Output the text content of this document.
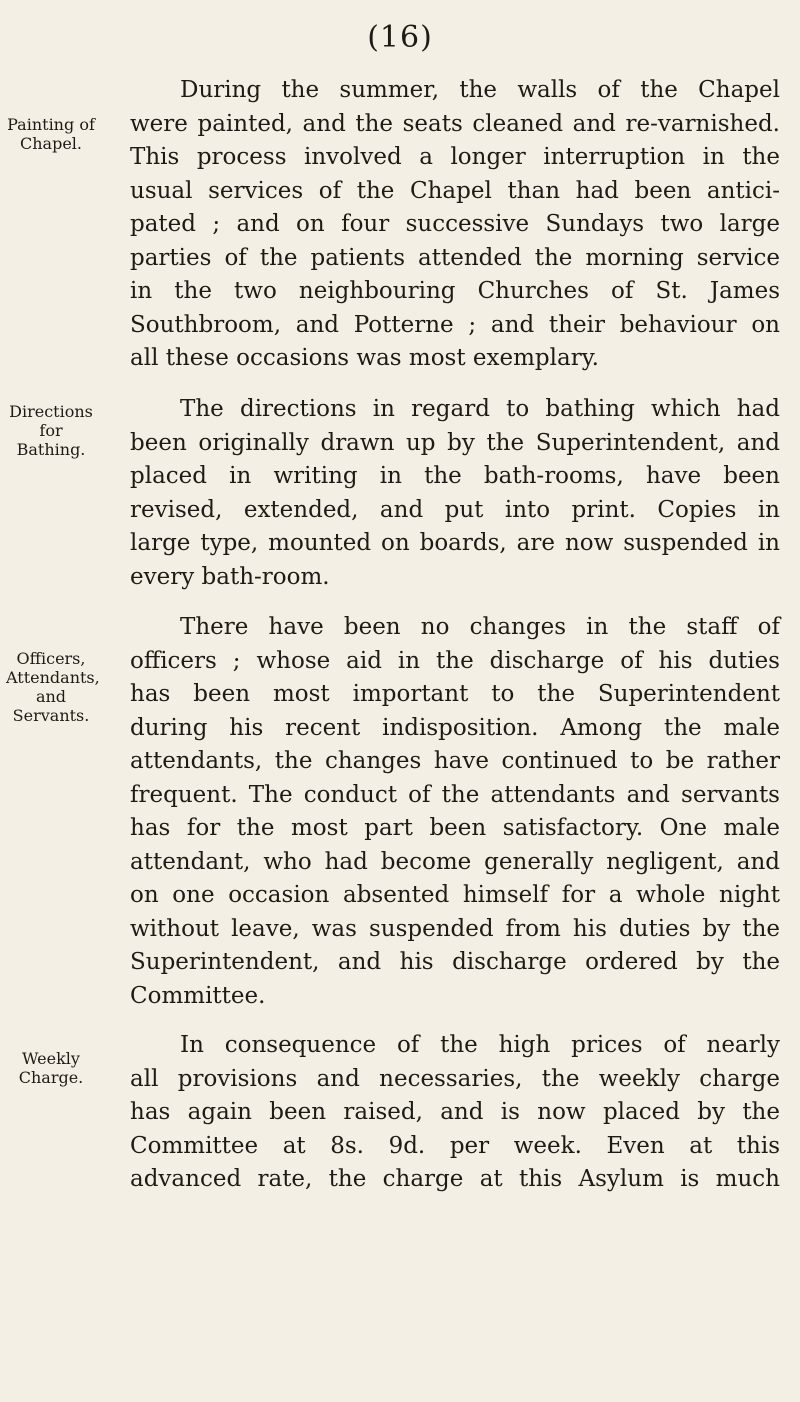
(16)
Painting of
Chapel.
During the summer, the walls of the Chapel
were painted, and the seats cleaned and re-varnished.
This process involved a longer interruption in the
usual services of the Chapel than had been antici-
pated ; and on four successive Sundays two large
parties of the patients attended the morning service
in the two neighbouring Churches of St. James
Southbroom, and Potterne ; and their behaviour on
all these occasions was most exemplary.
Directions
for
Bathing.
The directions in regard to bathing which had
been originally drawn up by the Superintendent, and
placed in writing in the bath-rooms, have been
revised, extended, and put into print. Copies in
large type, mounted on boards, are now suspended in
every bath-room.
Officers,
Attendants,
and
Servants.
There have been no changes in the staff of
officers ; whose aid in the discharge of his duties
has been most important to the Superintendent
during his recent indisposition. Among the male
attendants, the changes have continued to be rather
frequent. The conduct of the attendants and servants
has for the most part been satisfactory. One male
attendant, who had become generally negligent, and
on one occasion absented himself for a whole night
without leave, was suspended from his duties by the
Superintendent, and his discharge ordered by the
Committee.
Weekly
Charge.
In consequence of the high prices of nearly
all provisions and necessaries, the weekly charge
has again been raised, and is now placed by the
Committee at 8s. 9d. per week. Even at this
advanced rate, the charge at this Asylum is much
